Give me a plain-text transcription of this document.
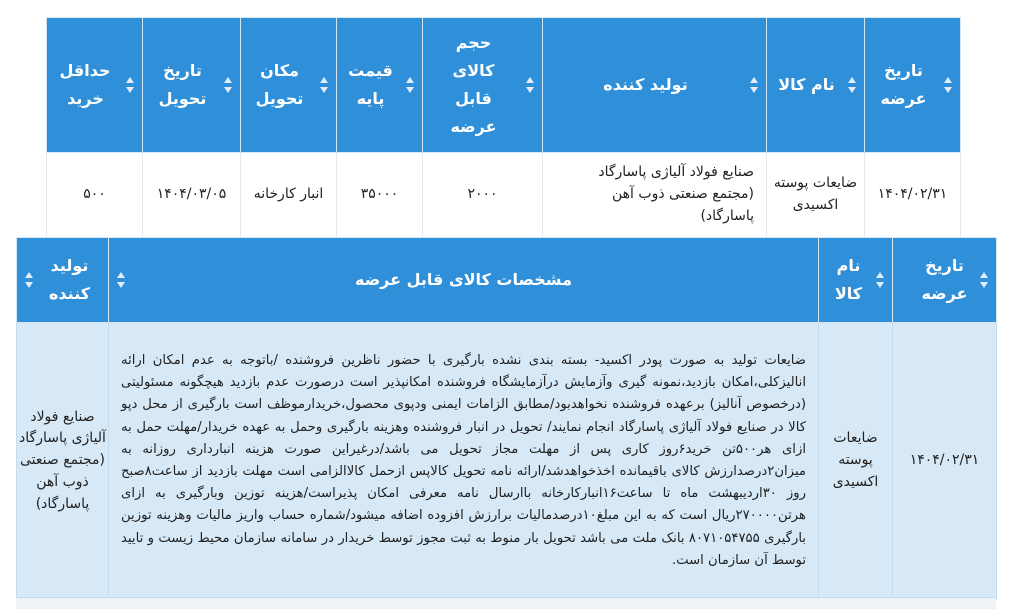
تاریخ عرضه	نام کالا	تولید کننده	حجم کالای قابل عرضه	قیمت پایه	مکان تحویل	تاریخ تحویل	حداقل خرید
۱۴۰۴/۰۲/۳۱	ضایعات پوسته اکسیدی	صنایع فولاد آلیاژی پاسارگاد (مجتمع صنعتی ذوب آهن پاسارگاد)	۲۰۰۰	۳۵۰۰۰	انبار کارخانه	۱۴۰۴/۰۳/۰۵	۵۰۰
تاریخ عرضه	نام کالا	مشخصات کالای قابل عرضه	تولید کننده
۱۴۰۴/۰۲/۳۱	ضایعات پوسته اکسیدی	ضایعات تولید به صورت پودر اکسید- بسته بندی نشده بارگیری با حضور ناظرین فروشنده /باتوجه به عدم امکان ارائه انالیزکلی،امکان بازدید،نمونه گیری وآزمایش درآزمایشگاه فروشنده امکانپذیر است درصورت عدم بازدید هیچگونه مسئولیتی (درخصوص آنالیز) برعهده فروشنده نخواهدبود/مطابق الزامات ایمنی ودپوی محصول،خریدارموظف است بارگیری از محل دپو کالا در صنایع فولاد آلیاژی پاسارگاد انجام نمایند/ تحویل در انبار فروشنده وهزینه بارگیری وحمل به عهده خریدار/مهلت حمل به ازای هر۵۰۰تن خرید۶روز کاری پس از مهلت مجاز تحویل می باشد/درغیراین صورت هزینه انبارداری روزانه به میزان۲درصدارزش کالای باقیمانده اخذخواهدشد/ارائه نامه تحویل کالاپس ازحمل کالاالزامی است مهلت بازدید از ساعت۸صبح روز ۳۰اردیبهشت ماه تا ساعت۱۶انبارکارخانه باارسال نامه معرفی امکان پذیراست/هزینه توزین وبارگیری به ازای هرتن۲۷۰۰۰۰ریال است که به این مبلغ۱۰درصدمالیات برارزش افزوده اضافه میشود/شماره حساب واریز مالیات وهزینه توزین بارگیری ۸۰۷۱۰۵۴۷۵۵ بانک ملت می باشد تحویل بار منوط به ثبت مجوز توسط خریدار در سامانه سازمان محیط زیست و تایید توسط آن سازمان است.	صنایع فولاد آلیاژی پاسارگاد (مجتمع صنعتی ذوب آهن پاسارگاد)
